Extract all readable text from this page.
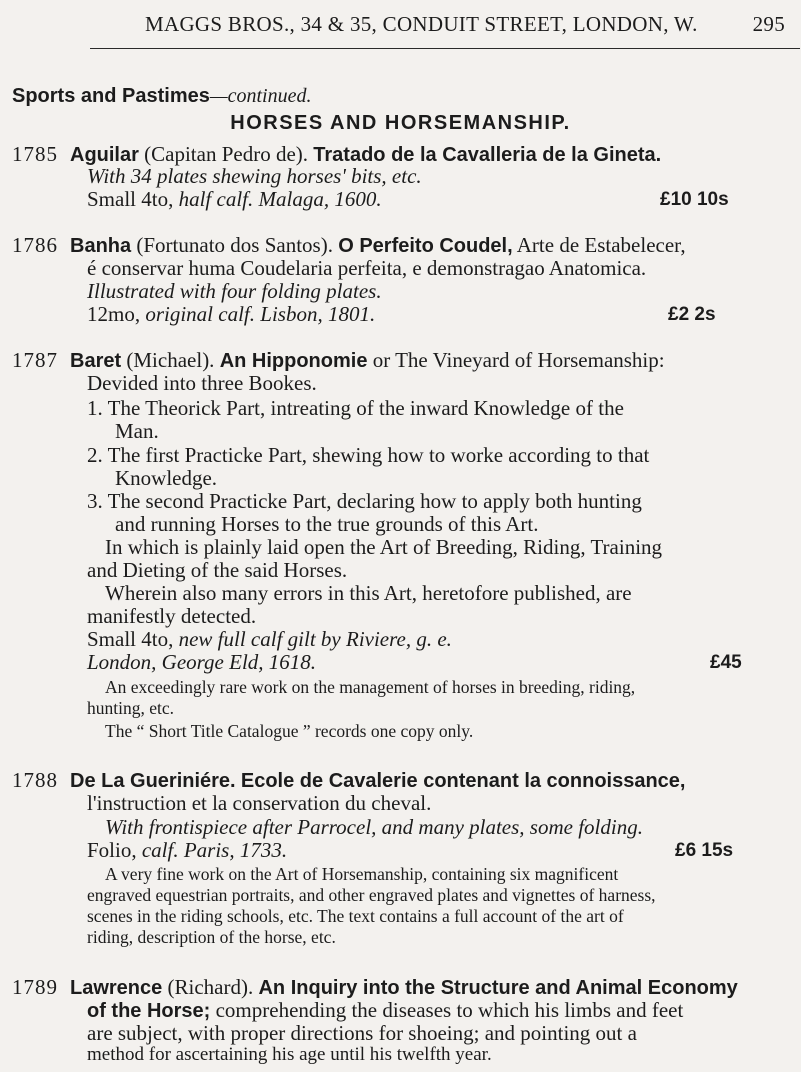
MAGGS BROS., 34 & 35, CONDUIT STREET, LONDON, W.	295
Sports and Pastimes—continued.
HORSES AND HORSEMANSHIP.
1785 Aguilar (Capitan Pedro de). Tratado de la Cavalleria de la Gineta.
With 34 plates shewing horses' bits, etc.
Small 4to, half calf. Malaga, 1600.	£10 10s
1786 Banha (Fortunato dos Santos). O Perfeito Coudel, Arte de Estabelecer,
é conservar huma Coudelaria perfeita, e demonstragao Anatomica.
Illustrated with four folding plates.
12mo, original calf. Lisbon, 1801.	£2 2s
1787 Baret (Michael). An Hipponomie or The Vineyard of Horsemanship:
Devided into three Bookes.
1. The Theorick Part, intreating of the inward Knowledge of the
Man.
2. The first Practicke Part, shewing how to worke according to that
Knowledge.
3. The second Practicke Part, declaring how to apply both hunting
and running Horses to the true grounds of this Art.
In which is plainly laid open the Art of Breeding, Riding, Training
and Dieting of the said Horses.
Wherein also many errors in this Art, heretofore published, are
manifestly detected.
Small 4to, new full calf gilt by Riviere, g. e.
London, George Eld, 1618.	£45
An exceedingly rare work on the management of horses in breeding, riding,
hunting, etc.
The “ Short Title Catalogue ” records one copy only.
1788 De La Gueriniére. Ecole de Cavalerie contenant la connoissance,
l'instruction et la conservation du cheval.
With frontispiece after Parrocel, and many plates, some folding.
Folio, calf. Paris, 1733.	£6 15s
A very fine work on the Art of Horsemanship, containing six magnificent
engraved equestrian portraits, and other engraved plates and vignettes of harness,
scenes in the riding schools, etc. The text contains a full account of the art of
riding, description of the horse, etc.
1789 Lawrence (Richard). An Inquiry into the Structure and Animal Economy
of the Horse; comprehending the diseases to which his limbs and feet
are subject, with proper directions for shoeing; and pointing out a
method for ascertaining his age until his twelfth year.
